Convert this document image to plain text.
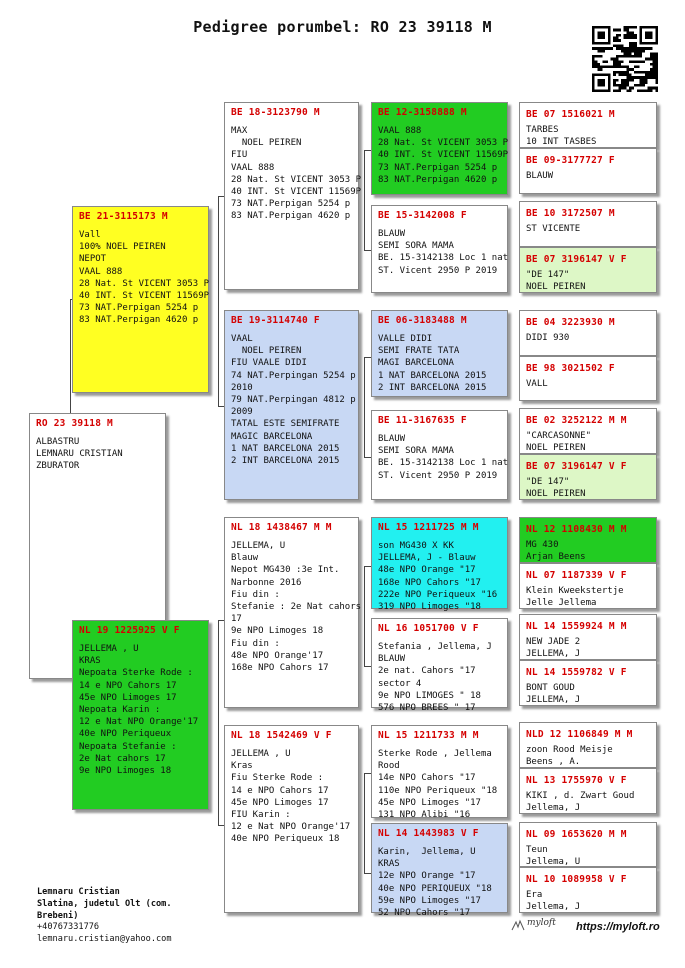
Pedigree porumbel: RO 23 39118 M
RO 23 39118 M
ALBASTRU
LEMNARU CRISTIAN
ZBURATOR
BE 21-3115173 M
Vall
100% NOEL PEIREN
NEPOT
VAAL 888
28 Nat. St VICENT 3053 P
40 INT. St VICENT 11569P
73 NAT.Perpigan 5254 p
83 NAT.Perpigan 4620 p
NL 19 1225925 V F
JELLEMA , U
KRAS
Nepoata Sterke Rode :
14 e NPO Cahors 17
45e NPO Limoges 17
Nepoata Karin :
12 e Nat NPO Orange'17
40e NPO Periqueux
Nepoata Stefanie :
2e Nat cahors 17
9e NPO Limoges 18
BE 18-3123790 M
MAX
NOEL PEIREN
FIU
VAAL 888
28 Nat. St VICENT 3053 P
40 INT. St VICENT 11569P
73 NAT.Perpigan 5254 p
83 NAT.Perpigan 4620 p
BE 19-3114740 F
VAAL
NOEL PEIREN
FIU VAALE DIDI
74 NAT.Perpingan 5254 p
2010
79 NAT.Perpingan 4812 p
2009
TATAL ESTE SEMIFRATE
MAGIC BARCELONA
1 NAT BARCELONA 2015
2 INT BARCELONA 2015
NL 18 1438467 M M
JELLEMA, U
Blauw
Nepot MG430 :3e Int.
Narbonne 2016
Fiu din :
Stefanie : 2e Nat cahors
17
9e NPO Limoges 18
Fiu din :
48e NPO Orange'17
168e NPO Cahors 17
NL 18 1542469 V F
JELLEMA , U
Kras
Fiu Sterke Rode :
14 e NPO Cahors 17
45e NPO Limoges 17
FIU Karin :
12 e Nat NPO Orange'17
40e NPO Periqueux 18
BE 12-3158888 M
VAAL 888
28 Nat. St VICENT 3053 P
40 INT. St VICENT 11569P
73 NAT.Perpigan 5254 p
83 NAT.Perpigan 4620 p
BE 15-3142008 F
BLAUW
SEMI SORA MAMA
BE. 15-3142138 Loc 1 nat
ST. Vicent 2950 P 2019
BE 06-3183488 M
VALLE DIDI
SEMI FRATE TATA
MAGI BARCELONA
1 NAT BARCELONA 2015
2 INT BARCELONA 2015
BE 11-3167635 F
BLAUW
SEMI SORA MAMA
BE. 15-3142138 Loc 1 nat
ST. Vicent 2950 P 2019
NL 15 1211725 M M
son MG430 X KK
JELLEMA, J - Blauw
48e NPO Orange "17
168e NPO Cahors "17
222e NPO Periqueux "16
319 NPO Limoges "18
NL 16 1051700 V F
Stefania , Jellema, J
BLAUW
2e nat. Cahors "17
sector 4
9e NPO LIMOGES " 18
576 NPO BREES " 17
NL 15 1211733 M M
Sterke Rode , Jellema
Rood
14e NPO Cahors "17
110e NPO Periqueux "18
45e NPO Limoges "17
131 NPO Alibi "16
NL 14 1443983 V F
Karin,  Jellema, U
KRAS
12e NPO Orange "17
40e NPO PERIQUEUX "18
59e NPO Limoges "17
52 NPO Cahors "17
BE 07 1516021 M
TARBES
10 INT TASBES
BE 09-3177727 F
BLAUW
BE 10 3172507 M
ST VICENTE
BE 07 3196147 V F
"DE 147"
NOEL PEIREN
BE 04 3223930 M
DIDI 930
BE 98 3021502 F
VALL
BE 02 3252122 M M
"CARCASONNE"
NOEL PEIREN
BE 07 3196147 V F
"DE 147"
NOEL PEIREN
NL 12 1108430 M M
MG 430
Arjan Beens
NL 07 1187339 V F
Klein Kweekstertje
Jelle Jellema
NL 14 1559924 M M
NEW JADE 2
JELLEMA, J
NL 14 1559782 V F
BONT GOUD
JELLEMA, J
NLD 12 1106849 M M
zoon Rood Meisje
Beens , A.
NL 13 1755970 V F
KIKI , d. Zwart Goud
Jellema, J
NL 09 1653620 M M
Teun
Jellema, U
NL 10 1089958 V F
Era
Jellema, J
Lemnaru Cristian
Slatina, judetul Olt (com.
Brebeni)
+40767331776
lemnaru.cristian@yahoo.com
myloft https://myloft.ro
